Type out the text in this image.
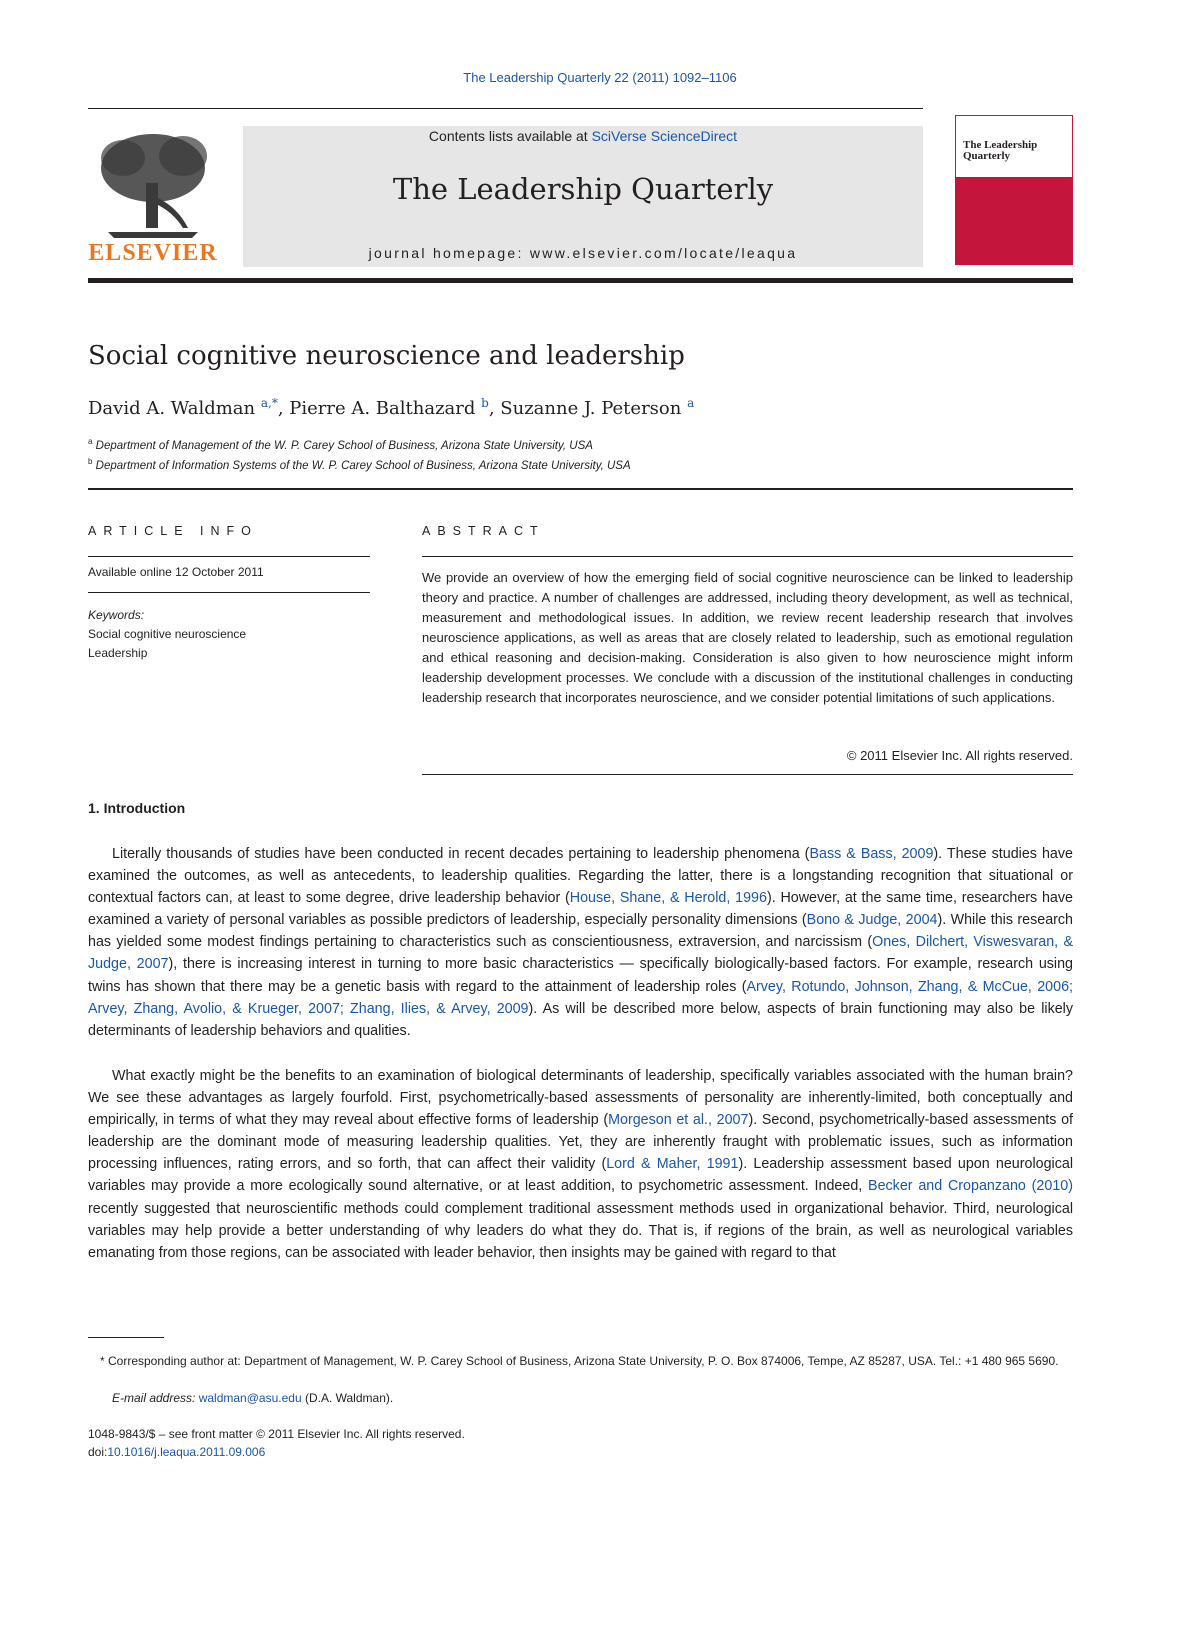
The Leadership Quarterly 22 (2011) 1092–1106
ELSEVIER
Contents lists available at SciVerse ScienceDirect
The Leadership Quarterly
journal homepage: www.elsevier.com/locate/leaqua
The Leadership Quarterly
Social cognitive neuroscience and leadership
David A. Waldman $^{a,*}$, Pierre A. Balthazard $^b$, Suzanne J. Peterson $^a$
$^a$ Department of Management of the W. P. Carey School of Business, Arizona State University, USA
$^b$ Department of Information Systems of the W. P. Carey School of Business, Arizona State University, USA
ARTICLE INFO
Available online 12 October 2011
Keywords:
Social cognitive neuroscience
Leadership
ABSTRACT
We provide an overview of how the emerging field of social cognitive neuroscience can be linked to leadership theory and practice. A number of challenges are addressed, including theory development, as well as technical, measurement and methodological issues. In addition, we review recent leadership research that involves neuroscience applications, as well as areas that are closely related to leadership, such as emotional regulation and ethical reasoning and decision-making. Consideration is also given to how neuroscience might inform leadership development processes. We conclude with a discussion of the institutional challenges in conducting leadership research that incorporates neuroscience, and we consider potential limitations of such applications.
© 2011 Elsevier Inc. All rights reserved.
1. Introduction
Literally thousands of studies have been conducted in recent decades pertaining to leadership phenomena (Bass & Bass, 2009). These studies have examined the outcomes, as well as antecedents, to leadership qualities. Regarding the latter, there is a longstanding recognition that situational or contextual factors can, at least to some degree, drive leadership behavior (House, Shane, & Herold, 1996). However, at the same time, researchers have examined a variety of personal variables as possible predictors of leadership, especially personality dimensions (Bono & Judge, 2004). While this research has yielded some modest findings pertaining to characteristics such as conscientiousness, extraversion, and narcissism (Ones, Dilchert, Viswesvaran, & Judge, 2007), there is increasing interest in turning to more basic characteristics — specifically biologically-based factors. For example, research using twins has shown that there may be a genetic basis with regard to the attainment of leadership roles (Arvey, Rotundo, Johnson, Zhang, & McCue, 2006; Arvey, Zhang, Avolio, & Krueger, 2007; Zhang, Ilies, & Arvey, 2009). As will be described more below, aspects of brain functioning may also be likely determinants of leadership behaviors and qualities.
What exactly might be the benefits to an examination of biological determinants of leadership, specifically variables associated with the human brain? We see these advantages as largely fourfold. First, psychometrically-based assessments of personality are inherently-limited, both conceptually and empirically, in terms of what they may reveal about effective forms of leadership (Morgeson et al., 2007). Second, psychometrically-based assessments of leadership are the dominant mode of measuring leadership qualities. Yet, they are inherently fraught with problematic issues, such as information processing influences, rating errors, and so forth, that can affect their validity (Lord & Maher, 1991). Leadership assessment based upon neurological variables may provide a more ecologically sound alternative, or at least addition, to psychometric assessment. Indeed, Becker and Cropanzano (2010) recently suggested that neuroscientific methods could complement traditional assessment methods used in organizational behavior. Third, neurological variables may help provide a better understanding of why leaders do what they do. That is, if regions of the brain, as well as neurological variables emanating from those regions, can be associated with leader behavior, then insights may be gained with regard to that
* Corresponding author at: Department of Management, W. P. Carey School of Business, Arizona State University, P. O. Box 874006, Tempe, AZ 85287, USA. Tel.: +1 480 965 5690.
E-mail address: waldman@asu.edu (D.A. Waldman).
1048-9843/$ – see front matter © 2011 Elsevier Inc. All rights reserved.
doi:10.1016/j.leaqua.2011.09.006
